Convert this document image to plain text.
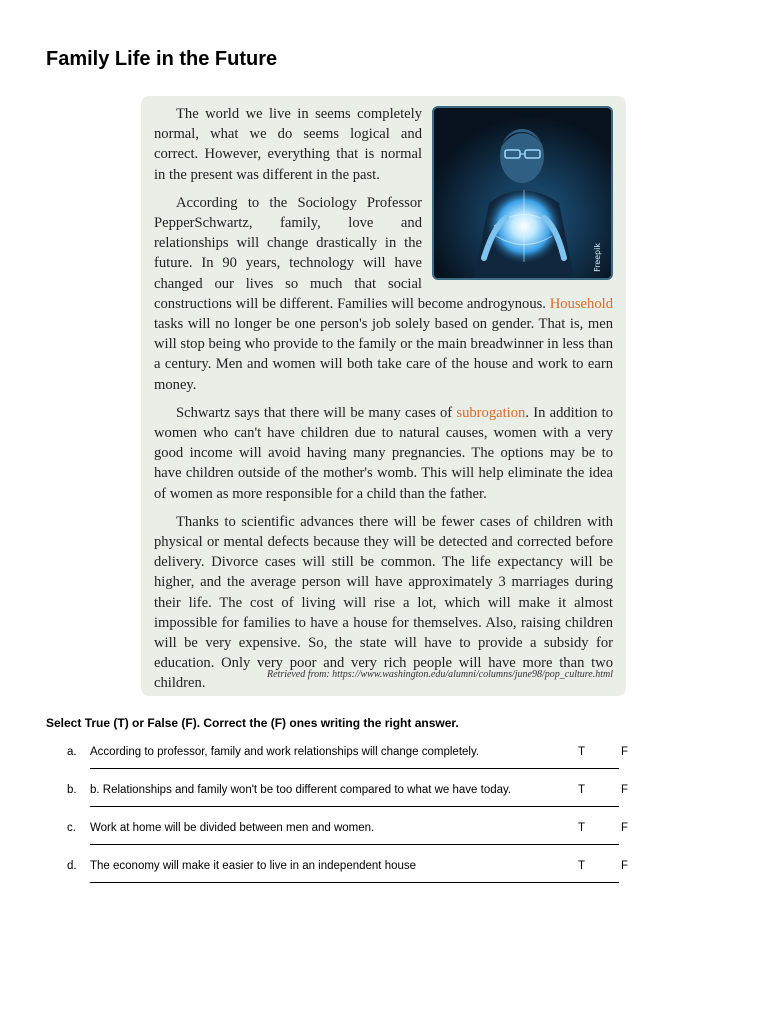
Family Life in the Future
Freepik

The world we live in seems completely normal, what we do seems logical and correct. However, everything that is normal in the present was different in the past.

According to the Sociology Professor PepperSchwartz, family, love and relationships will change drastically in the future. In 90 years, technology will have changed our lives so much that social constructions will be different. Families will become androgynous. Household tasks will no longer be one person's job solely based on gender. That is, men will stop being who provide to the family or the main breadwinner in less than a century. Men and women will both take care of the house and work to earn money.

Schwartz says that there will be many cases of subrogation. In addition to women who can't have children due to natural causes, women with a very good income will avoid having many pregnancies. The options may be to have children outside of the mother's womb. This will help eliminate the idea of women as more responsible for a child than the father.

Thanks to scientific advances there will be fewer cases of children with physical or mental defects because they will be detected and corrected before delivery. Divorce cases will still be common. The life expectancy will be higher, and the average person will have approximately 3 marriages during their life. The cost of living will rise a lot, which will make it almost impossible for families to have a house for themselves. Also, raising children will be very expensive. So, the state will have to provide a subsidy for education. Only very poor and very rich people will have more than two children.

Retrieved from: https://www.washington.edu/alumni/columns/june98/pop_culture.html

Select True (T) or False (F). Correct the (F) ones writing the right answer.

a. According to professor, family and work relationships will change completely.	T	F
b. b. Relationships and family won't be too different compared to what we have today.	T	F
c. Work at home will be divided between men and women.	T	F
d. The economy will make it easier to live in an independent house	T	F
